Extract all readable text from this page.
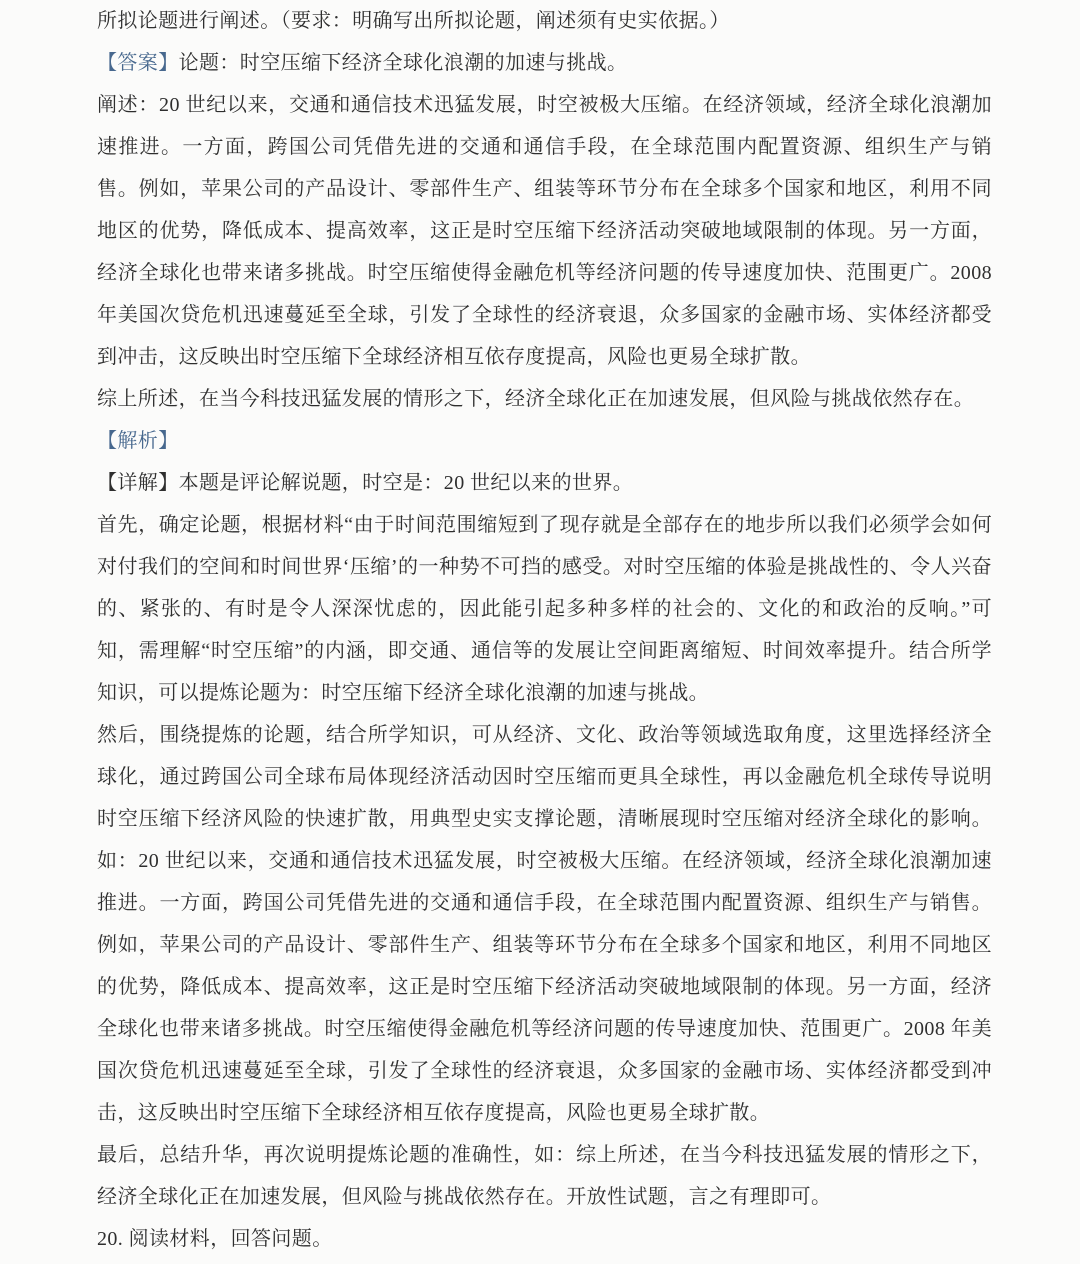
所拟论题进行阐述。（要求：明确写出所拟论题，阐述须有史实依据。）

【答案】论题：时空压缩下经济全球化浪潮的加速与挑战。

阐述：20 世纪以来，交通和通信技术迅猛发展，时空被极大压缩。在经济领域，经济全球化浪潮加速推进。一方面，跨国公司凭借先进的交通和通信手段，在全球范围内配置资源、组织生产与销售。例如，苹果公司的产品设计、零部件生产、组装等环节分布在全球多个国家和地区，利用不同地区的优势，降低成本、提高效率，这正是时空压缩下经济活动突破地域限制的体现。另一方面，经济全球化也带来诸多挑战。时空压缩使得金融危机等经济问题的传导速度加快、范围更广。2008 年美国次贷危机迅速蔓延至全球，引发了全球性的经济衰退，众多国家的金融市场、实体经济都受到冲击，这反映出时空压缩下全球经济相互依存度提高，风险也更易全球扩散。

综上所述，在当今科技迅猛发展的情形之下，经济全球化正在加速发展，但风险与挑战依然存在。

【解析】

【详解】本题是评论解说题，时空是：20 世纪以来的世界。

首先，确定论题，根据材料“由于时间范围缩短到了现存就是全部存在的地步所以我们必须学会如何对付我们的空间和时间世界‘压缩’的一种势不可挡的感受。对时空压缩的体验是挑战性的、令人兴奋的、紧张的、有时是令人深深忧虑的，因此能引起多种多样的社会的、文化的和政治的反响。”可知，需理解“时空压缩”的内涵，即交通、通信等的发展让空间距离缩短、时间效率提升。结合所学知识，可以提炼论题为：时空压缩下经济全球化浪潮的加速与挑战。

然后，围绕提炼的论题，结合所学知识，可从经济、文化、政治等领域选取角度，这里选择经济全球化，通过跨国公司全球布局体现经济活动因时空压缩而更具全球性，再以金融危机全球传导说明时空压缩下经济风险的快速扩散，用典型史实支撑论题，清晰展现时空压缩对经济全球化的影响。如：20 世纪以来，交通和通信技术迅猛发展，时空被极大压缩。在经济领域，经济全球化浪潮加速推进。一方面，跨国公司凭借先进的交通和通信手段，在全球范围内配置资源、组织生产与销售。例如，苹果公司的产品设计、零部件生产、组装等环节分布在全球多个国家和地区，利用不同地区的优势，降低成本、提高效率，这正是时空压缩下经济活动突破地域限制的体现。另一方面，经济全球化也带来诸多挑战。时空压缩使得金融危机等经济问题的传导速度加快、范围更广。2008 年美国次贷危机迅速蔓延至全球，引发了全球性的经济衰退，众多国家的金融市场、实体经济都受到冲击，这反映出时空压缩下全球经济相互依存度提高，风险也更易全球扩散。

最后，总结升华，再次说明提炼论题的准确性，如：综上所述，在当今科技迅猛发展的情形之下，经济全球化正在加速发展，但风险与挑战依然存在。开放性试题，言之有理即可。

20. 阅读材料，回答问题。
